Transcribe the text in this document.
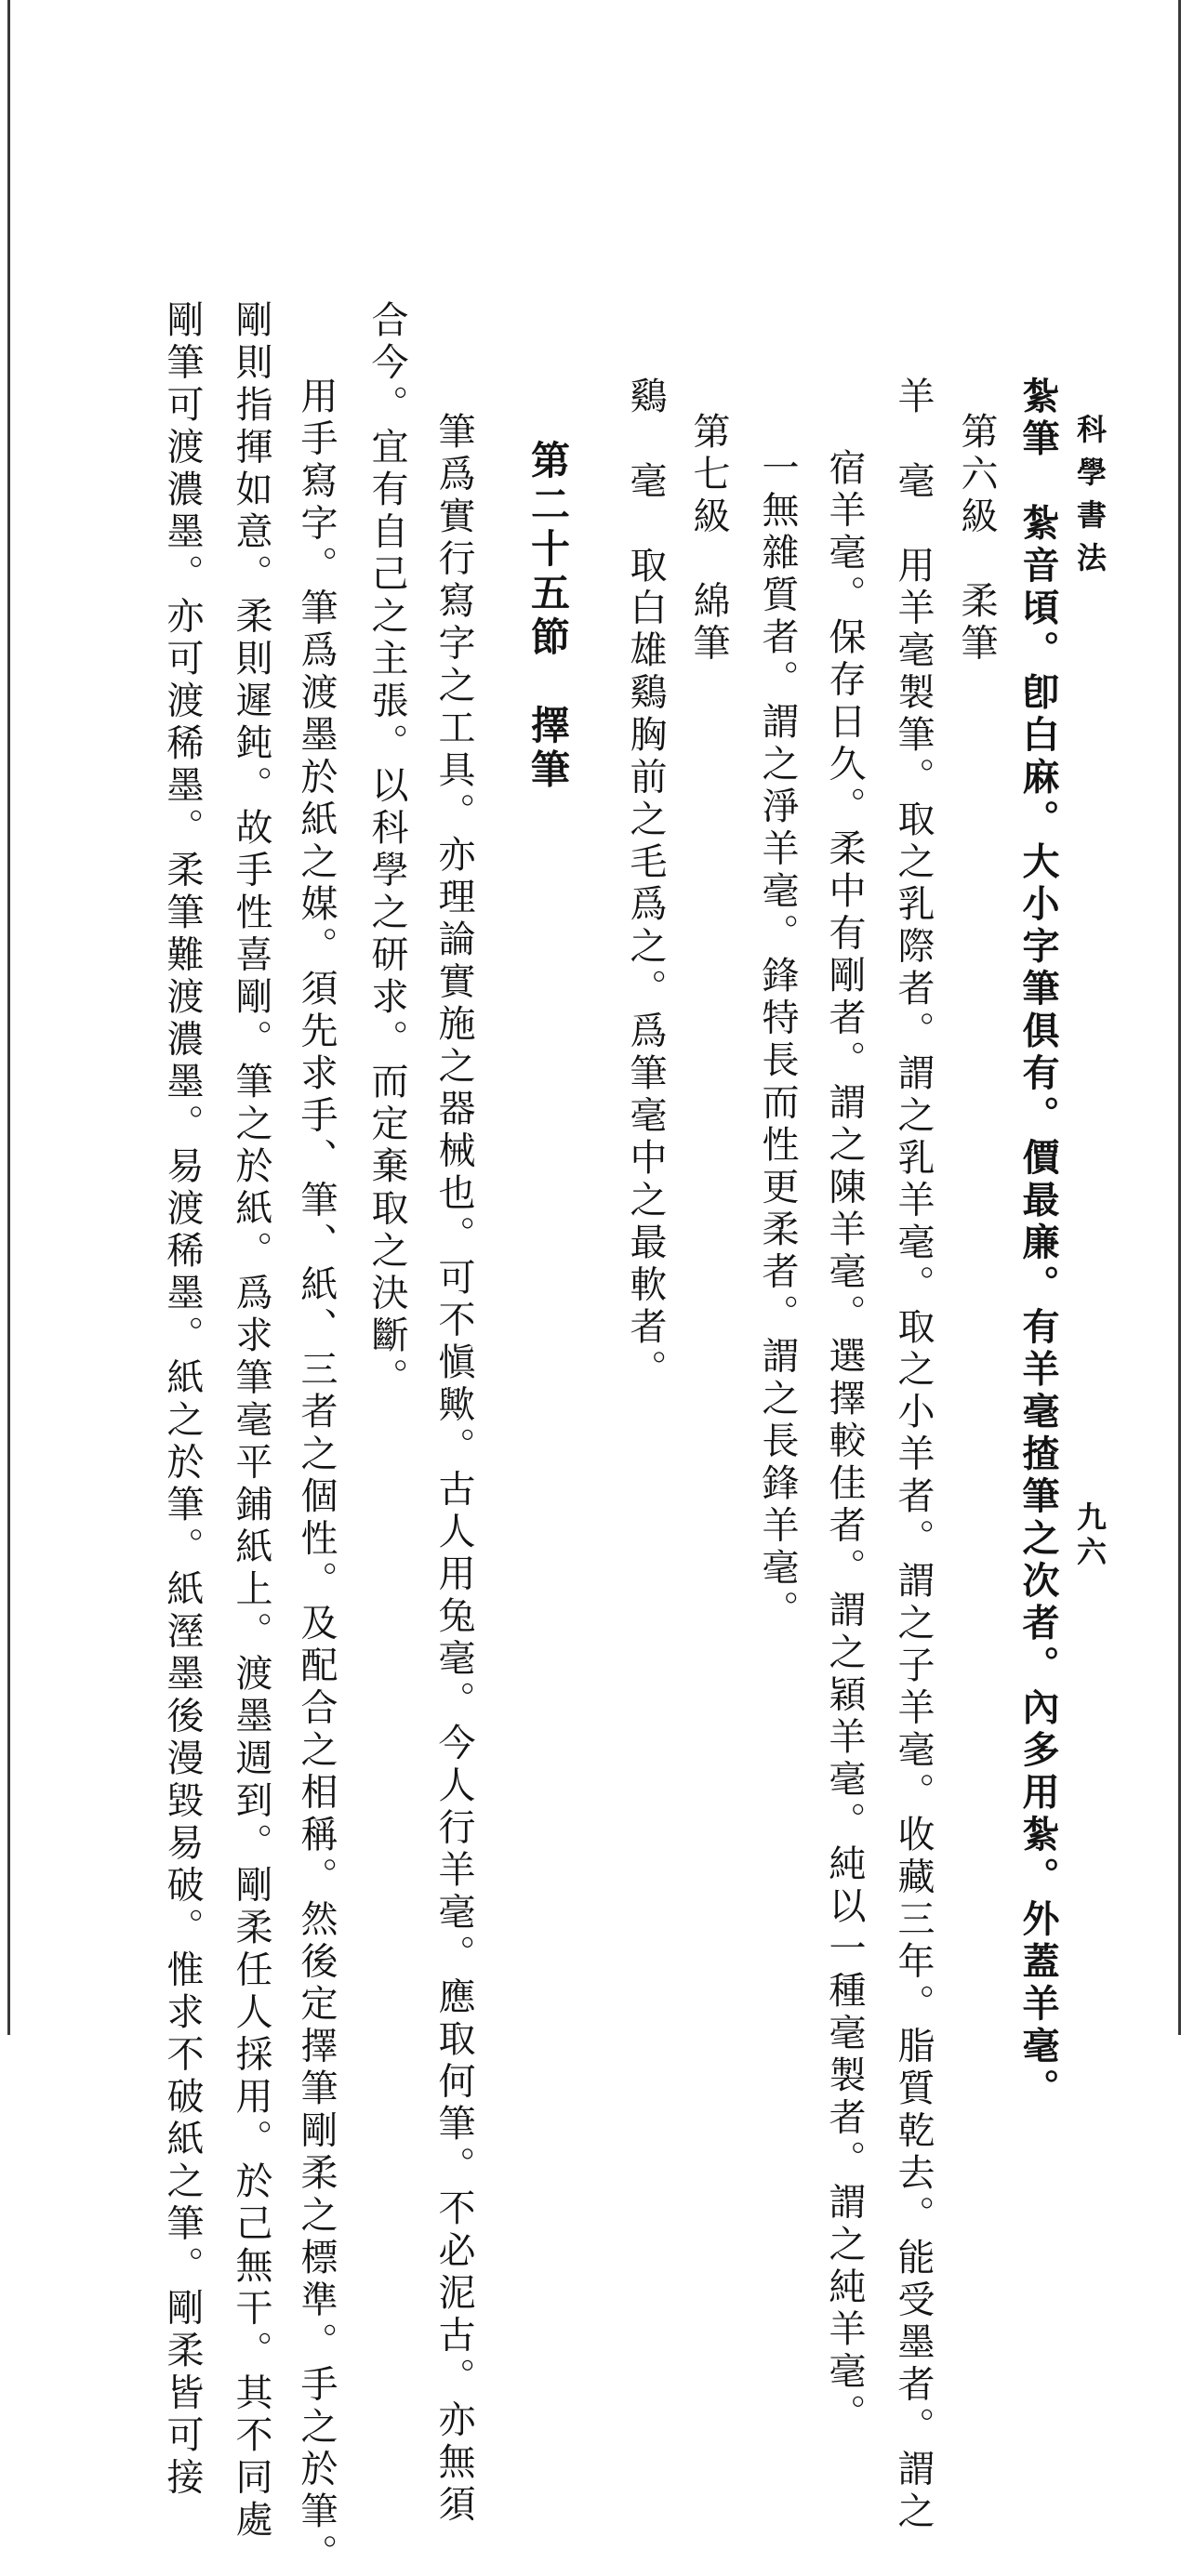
科學書法
九六
紮筆　紮音頃。卽白麻。大小字筆俱有。價最廉。有羊毫揸筆之次者。內多用紮。外蓋羊毫。
第六級　柔筆
羊　毫　用羊毫製筆。取之乳際者。謂之乳羊毫。取之小羊者。謂之子羊毫。收藏三年。脂質乾去。能受墨者。謂之
宿羊毫。保存日久。柔中有剛者。謂之陳羊毫。選擇較佳者。謂之穎羊毫。純以一種毫製者。謂之純羊毫。
一無雜質者。謂之淨羊毫。鋒特長而性更柔者。謂之長鋒羊毫。
第七級　綿筆
鷄　毫　取白雄鷄胸前之毛爲之。爲筆毫中之最軟者。
第二十五節　擇筆
筆爲實行寫字之工具。亦理論實施之器械也。可不愼歟。古人用兔毫。今人行羊毫。應取何筆。不必泥古。亦無須
合今。宜有自己之主張。以科學之研求。而定棄取之決斷。
用手寫字。筆爲渡墨於紙之媒。須先求手、筆、紙、三者之個性。及配合之相稱。然後定擇筆剛柔之標準。手之於筆。
剛則指揮如意。柔則遲鈍。故手性喜剛。筆之於紙。爲求筆毫平鋪紙上。渡墨週到。剛柔任人採用。於己無干。其不同處
剛筆可渡濃墨。亦可渡稀墨。柔筆難渡濃墨。易渡稀墨。紙之於筆。紙溼墨後漫毀易破。惟求不破紙之筆。剛柔皆可接
